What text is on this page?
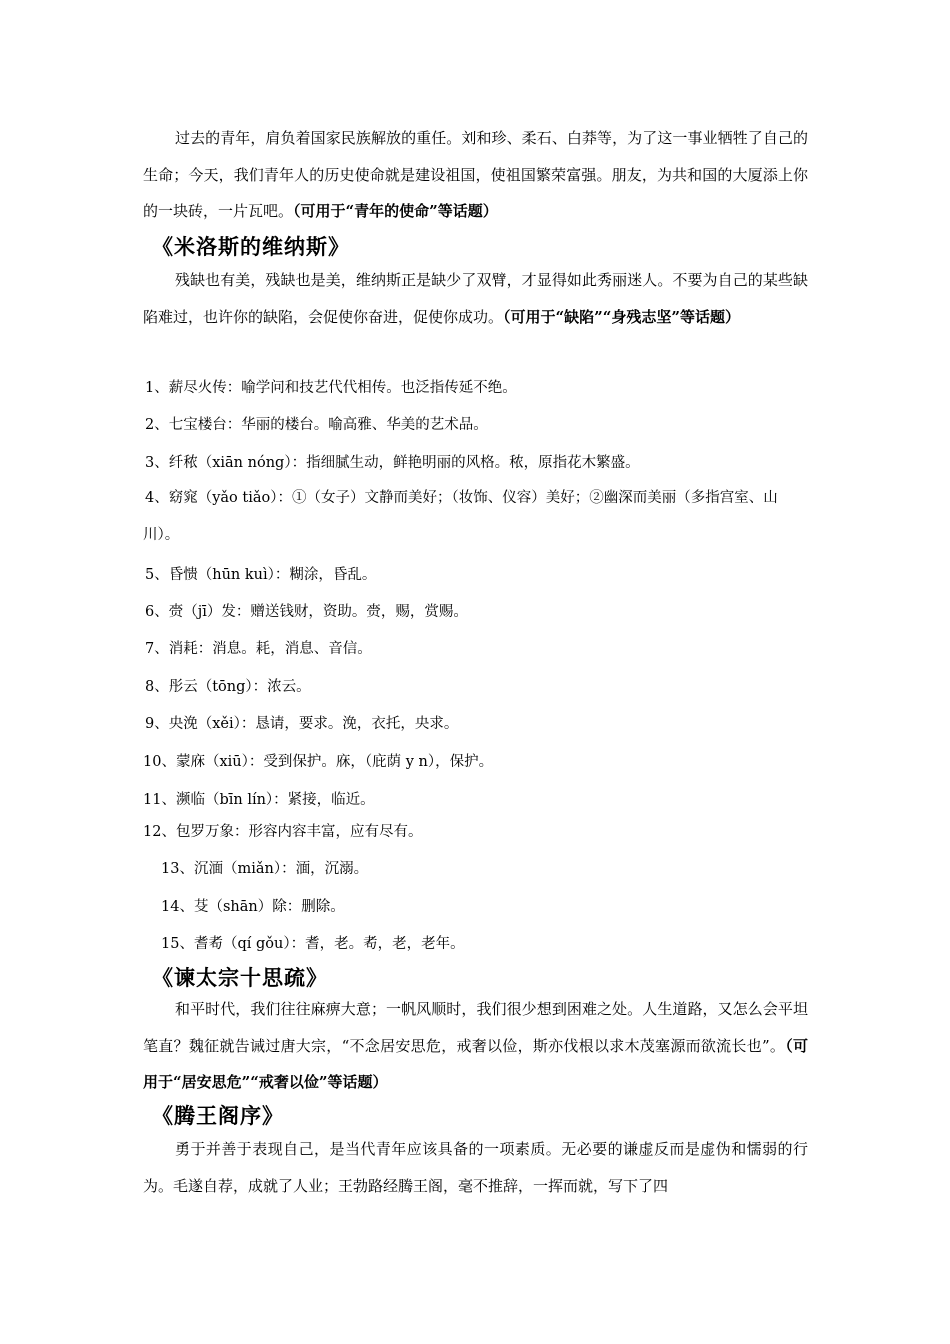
过去的青年，肩负着国家民族解放的重任。刘和珍、柔石、白莽等，为了这一事业牺牲了自己的生命；今天，我们青年人的历史使命就是建设祖国，使祖国繁荣富强。朋友，为共和国的大厦添上你的一块砖，一片瓦吧。（可用于“青年的使命”等话题）

《米洛斯的维纳斯》

残缺也有美，残缺也是美，维纳斯正是缺少了双臂，才显得如此秀丽迷人。不要为自己的某些缺陷难过，也许你的缺陷，会促使你奋进，促使你成功。（可用于“缺陷”“身残志坚”等话题）

1、薪尽火传：喻学问和技艺代代相传。也泛指传延不绝。
2、七宝楼台：华丽的楼台。喻高雅、华美的艺术品。
3、纤秾（xiān nóng）：指细腻生动，鲜艳明丽的风格。秾，原指花木繁盛。
4、窈窕（yǎo tiǎo）：①（女子）文静而美好；（妆饰、仪容）美好；②幽深而美丽（多指宫室、山川）。
5、昏愦（hūn kuì）：糊涂，昏乱。
6、赍（jī）发：赠送钱财，资助。赍，赐，赏赐。
7、消耗：消息。耗，消息、音信。
8、彤云（tōng）：浓云。
9、央浼（xěi）：恳请，要求。浼，衣托，央求。
10、蒙庥（xiū）：受到保护。庥，（庇荫 y n），保护。
11、濒临（bīn lín）：紧接，临近。
12、包罗万象：形容内容丰富，应有尽有。
13、沉湎（miǎn）：湎，沉溺。
14、芟（shān）除：删除。
15、耆耇（qí gǒu）：耆，老。耇，老，老年。
《谏太宗十思疏》

和平时代，我们往往麻痹大意；一帆风顺时，我们很少想到困难之处。人生道路，又怎么会平坦笔直？魏征就告诫过唐大宗，“不念居安思危，戒奢以俭，斯亦伐根以求木茂塞源而欲流长也”。（可用于“居安思危”“戒奢以俭”等话题）

《腾王阁序》

勇于并善于表现自己，是当代青年应该具备的一项素质。无必要的谦虚反而是虚伪和懦弱的行为。毛遂自荐，成就了人业；王勃路经腾王阁，毫不推辞，一挥而就，写下了四
